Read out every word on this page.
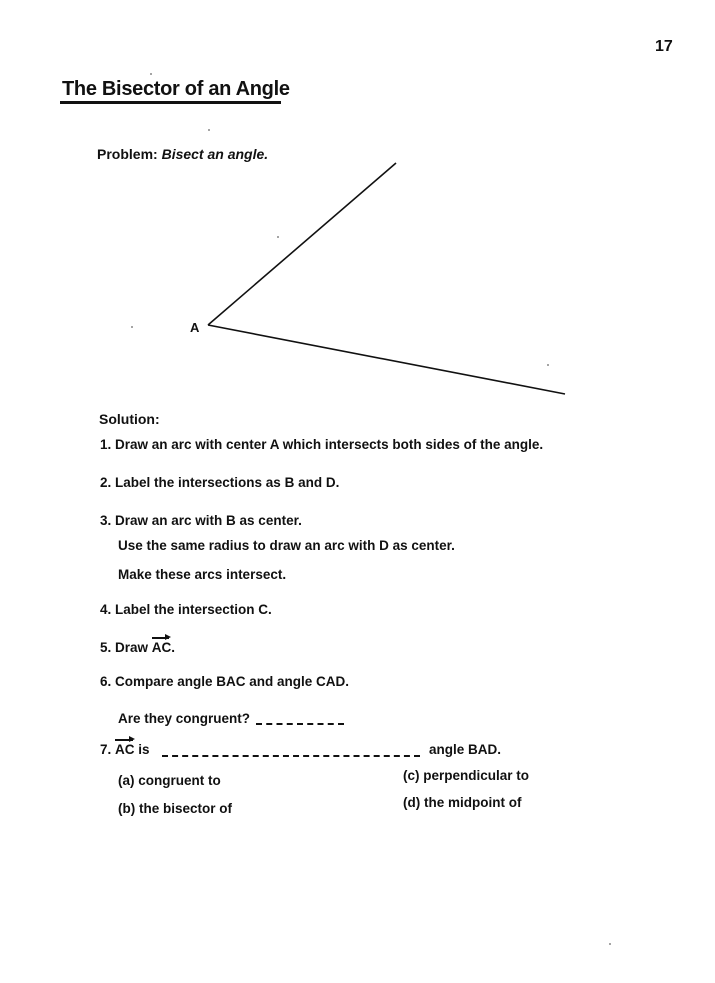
17
The Bisector of an Angle
Problem: Bisect an angle.
A
Solution:
1. Draw an arc with center A which intersects both sides of the angle.
2. Label the intersections as B and D.
3. Draw an arc with B as center.
Use the same radius to draw an arc with D as center.
Make these arcs intersect.
4. Label the intersection C.
5. Draw AC.
6. Compare angle BAC and angle CAD.
Are they congruent?
7. AC is	angle BAD.
(a) congruent to
(b) the bisector of
(c) perpendicular to
(d) the midpoint of
